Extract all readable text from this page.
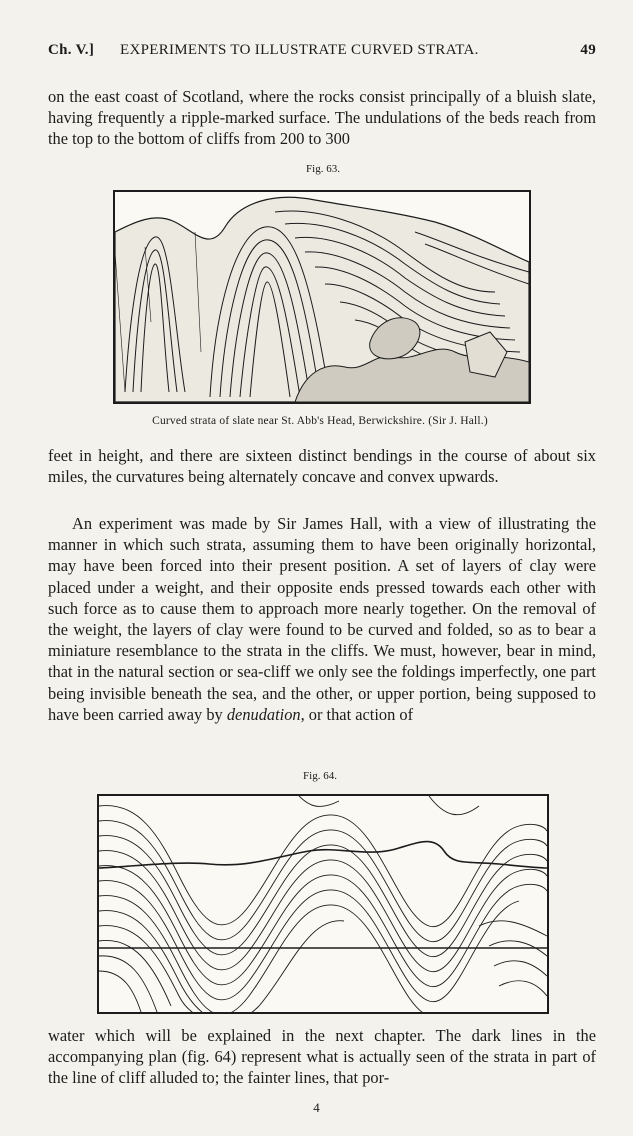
Ch. V.] EXPERIMENTS TO ILLUSTRATE CURVED STRATA.	49

on the east coast of Scotland, where the rocks consist principally of a bluish slate, having frequently a ripple-marked surface. The undulations of the beds reach from the top to the bottom of cliffs from 200 to 300

Fig. 63.
Curved strata of slate near St. Abb's Head, Berwickshire. (Sir J. Hall.)

feet in height, and there are sixteen distinct bendings in the course of about six miles, the curvatures being alternately concave and convex upwards.

An experiment was made by Sir James Hall, with a view of illustrating the manner in which such strata, assuming them to have been originally horizontal, may have been forced into their present position. A set of layers of clay were placed under a weight, and their opposite ends pressed towards each other with such force as to cause them to approach more nearly together. On the removal of the weight, the layers of clay were found to be curved and folded, so as to bear a miniature resemblance to the strata in the cliffs. We must, however, bear in mind, that in the natural section or sea-cliff we only see the foldings imperfectly, one part being invisible beneath the sea, and the other, or upper portion, being supposed to have been carried away by denudation, or that action of

Fig. 64.

water which will be explained in the next chapter. The dark lines in the accompanying plan (fig. 64) represent what is actually seen of the strata in part of the line of cliff alluded to; the fainter lines, that por-

4
